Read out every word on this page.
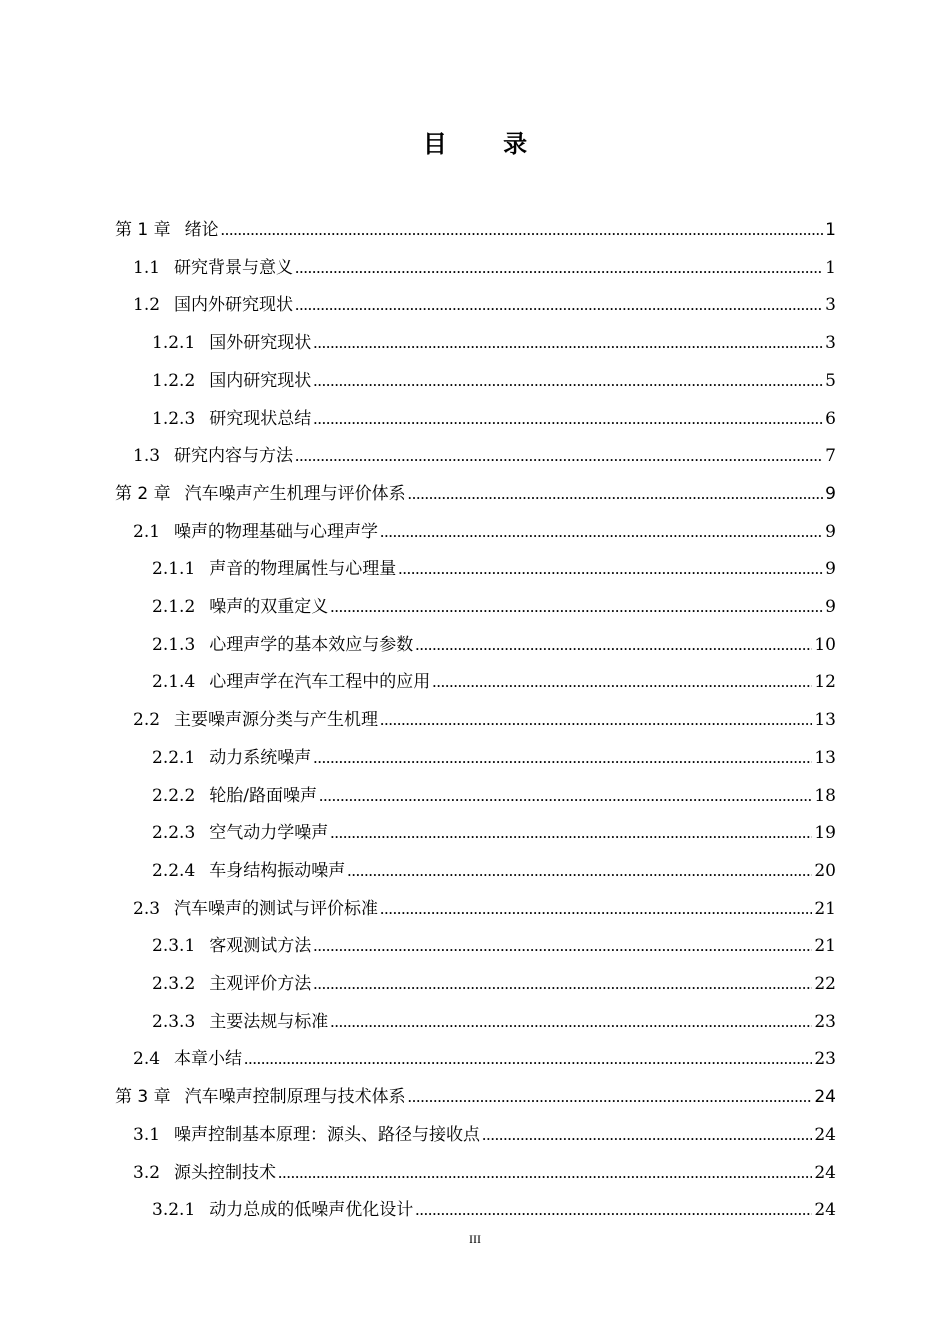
目 录
第 1 章 绪论 .....	1
1.1 研究背景与意义 .....	1
1.2 国内外研究现状 .....	3
1.2.1 国外研究现状 .....	3
1.2.2 国内研究现状 .....	5
1.2.3 研究现状总结 .....	6
1.3 研究内容与方法 .....	7
第 2 章 汽车噪声产生机理与评价体系 .....	9
2.1 噪声的物理基础与心理声学 .....	9
2.1.1 声音的物理属性与心理量 .....	9
2.1.2 噪声的双重定义 .....	9
2.1.3 心理声学的基本效应与参数 .....	10
2.1.4 心理声学在汽车工程中的应用 .....	12
2.2 主要噪声源分类与产生机理 .....	13
2.2.1 动力系统噪声 .....	13
2.2.2 轮胎/路面噪声 .....	18
2.2.3 空气动力学噪声 .....	19
2.2.4 车身结构振动噪声 .....	20
2.3 汽车噪声的测试与评价标准 .....	21
2.3.1 客观测试方法 .....	21
2.3.2 主观评价方法 .....	22
2.3.3 主要法规与标准 .....	23
2.4 本章小结 .....	23
第 3 章 汽车噪声控制原理与技术体系 .....	24
3.1 噪声控制基本原理：源头、路径与接收点 .....	24
3.2 源头控制技术 .....	24
3.2.1 动力总成的低噪声优化设计 .....	24
III
